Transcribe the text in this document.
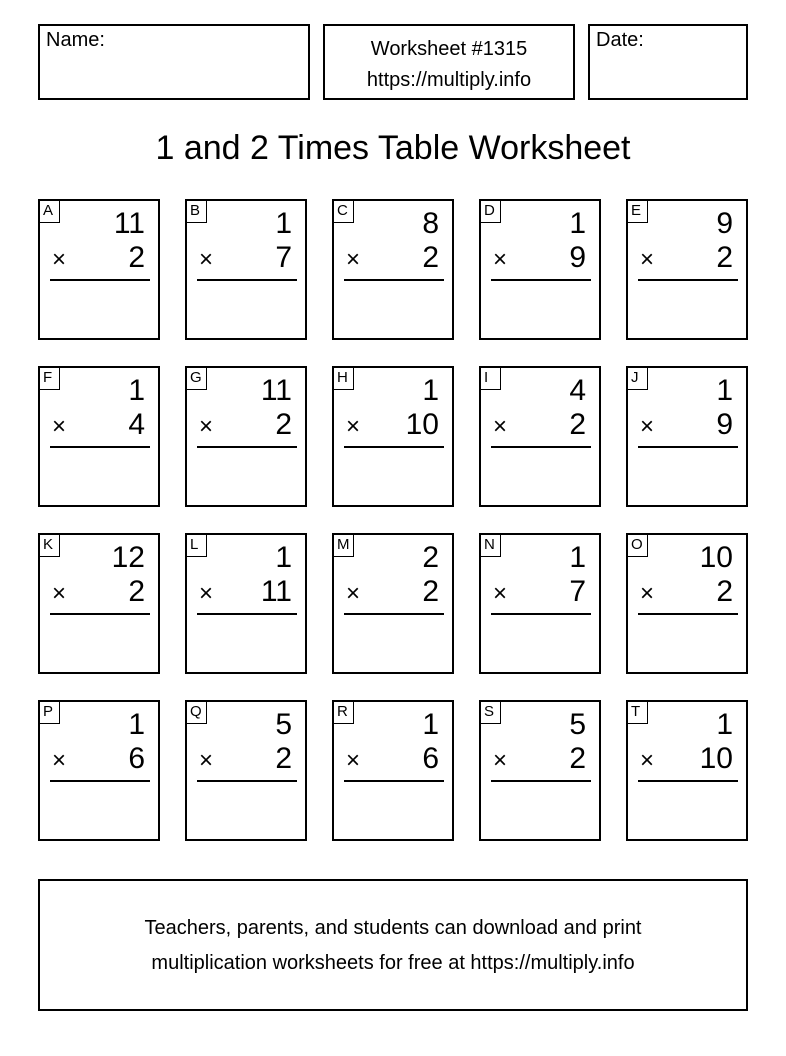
Name:	Worksheet #1315
https://multiply.info
Date:
1 and 2 Times Table Worksheet
A 11
× 2
B	1
× 7
C 8
× 2
D 1
× 9
E	9
× 2
F	1
× 4
G 11
× 2
H 1
× 10
I	4
× 2
J	1
× 9
K 12
× 2
L	1
× 11
M 2
× 2
N 1
× 7
O 10
× 2
P	1
× 6
Q 5
× 2
R 1
× 6
S	5
× 2
T	1
× 10
Teachers, parents, and students can download and print
multiplication worksheets for free at https://multiply.info
